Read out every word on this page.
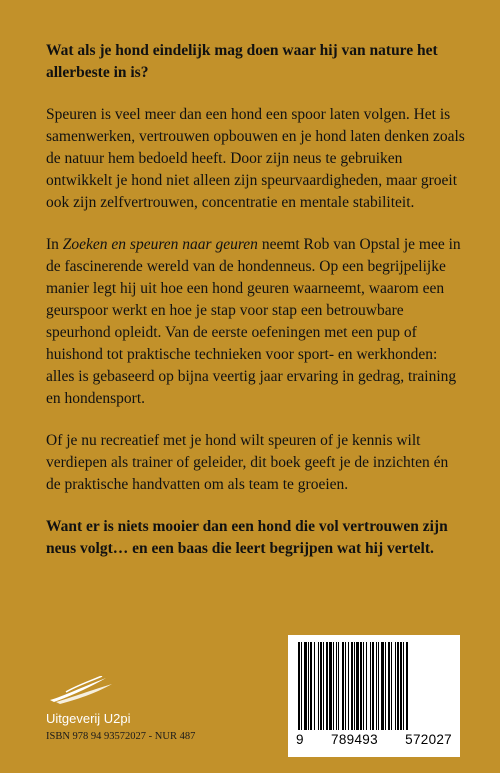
Wat als je hond eindelijk mag doen waar hij van nature het allerbeste in is?

Speuren is veel meer dan een hond een spoor laten volgen. Het is samenwerken, vertrouwen opbouwen en je hond laten denken zoals de natuur hem bedoeld heeft. Door zijn neus te gebruiken ontwikkelt je hond niet alleen zijn speurvaardigheden, maar groeit ook zijn zelfvertrouwen, concentratie en mentale stabiliteit.

In Zoeken en speuren naar geuren neemt Rob van Opstal je mee in de fascinerende wereld van de hondenneus. Op een begrijpelijke manier legt hij uit hoe een hond geuren waarneemt, waarom een geurspoor werkt en hoe je stap voor stap een betrouwbare speurhond opleidt. Van de eerste oefeningen met een pup of huishond tot praktische technieken voor sport- en werkhonden: alles is gebaseerd op bijna veertig jaar ervaring in gedrag, training en hondensport.

Of je nu recreatief met je hond wilt speuren of je kennis wilt verdiepen als trainer of geleider, dit boek geeft je de inzichten én de praktische handvatten om als team te groeien.

Want er is niets mooier dan een hond die vol vertrouwen zijn neus volgt… en een baas die leert begrijpen wat hij vertelt.

Uitgeverij U2pi
ISBN 978 94 93572027 - NUR 487	9 789493 572027
